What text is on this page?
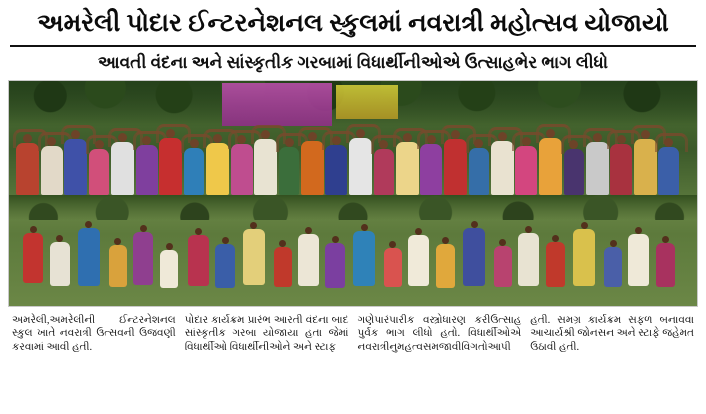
અમરેલી પોદાર ઈન્ટરનેશનલ સ્કુલમાં નવરાત્રી મહોત્સવ યોજાયો
આવતી વંદના અને સાંસ્કૃતીક ગરબામાં વિધાર્થીનીઓએ ઉત્સાહભેર ભાગ લીધો

અમરેલી,અમરેલીની ઈન્ટરનેશનલ સ્કુલ ખાતે નવરાત્રી ઉત્સવની ઉજવણી કરવામાં આવી હતી.

પોદાર કાર્યક્રમ પ્રારંભ આરતી વંદના બાદ સાંસ્કૃતીક ગરબા યોજાયા હતા જેમાં વિધાર્થીઓ વિધાર્થીનીઓને અને સ્ટાફ

ગણેપારંપારીક વસ્ત્રોધારણ કરીઉત્સાહ પુર્વક ભાગ લીધો હતો. વિધાર્થીઓએ નવરાત્રીનુમહત્વસમજાવીવિગતોઆપી

હતી. સમગ્ર કાર્યક્રમ સફળ બનાવવા આચાર્યશ્રી જોનસન અને સ્ટાફે જહેમત ઉઠાવી હતી.
